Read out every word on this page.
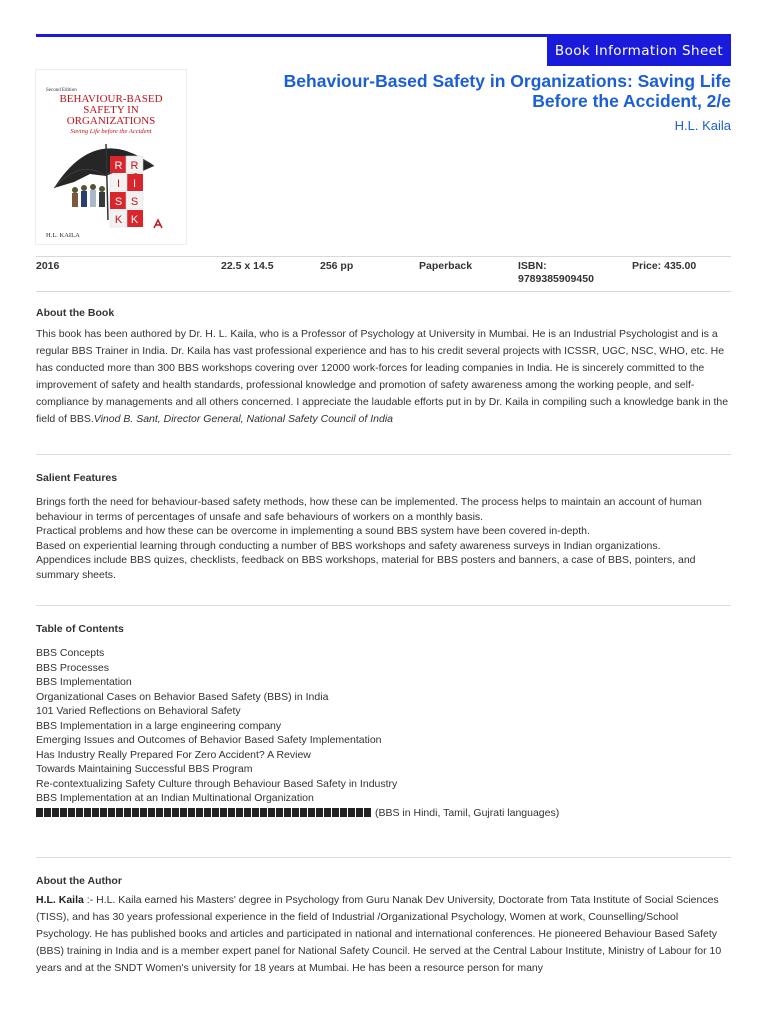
Book Information Sheet
Second Edition
BEHAVIOUR-BASED
SAFETY IN
ORGANIZATIONS
Saving Life before the Accident
R
I
S
K
R
I
S
K
H.L. KAILA
Behaviour-Based Safety in Organizations: Saving Life Before the Accident, 2/e
H.L. Kaila
2016	22.5 x 14.5	256 pp	Paperback	ISBN:
9789385909450
Price: 435.00
About the Book

This book has been authored by Dr. H. L. Kaila, who is a Professor of Psychology at University in Mumbai. He is an Industrial Psychologist and is a regular BBS Trainer in India. Dr. Kaila has vast professional experience and has to his credit several projects with ICSSR, UGC, NSC, WHO, etc. He has conducted more than 300 BBS workshops covering over 12000 work-forces for leading companies in India. He is sincerely committed to the improvement of safety and health standards, professional knowledge and promotion of safety awareness among the working people, and self-compliance by managements and all others concerned. I appreciate the laudable efforts put in by Dr. Kaila in compiling such a knowledge bank in the field of BBS.Vinod B. Sant, Director General, National Safety Council of India

Salient Features
Brings forth the need for behaviour-based safety methods, how these can be implemented. The process helps to maintain an account of human behaviour in terms of percentages of unsafe and safe behaviours of workers on a monthly basis.
Practical problems and how these can be overcome in implementing a sound BBS system have been covered in-depth.
Based on experiential learning through conducting a number of BBS workshops and safety awareness surveys in Indian organizations.
Appendices include BBS quizes, checklists, feedback on BBS workshops, material for BBS posters and banners, a case of BBS, pointers, and summary sheets.
Table of Contents
BBS Concepts
BBS Processes
BBS Implementation
Organizational Cases on Behavior Based Safety (BBS) in India
101 Varied Reflections on Behavioral Safety
BBS Implementation in a large engineering company
Emerging Issues and Outcomes of Behavior Based Safety Implementation
Has Industry Really Prepared For Zero Accident? A Review
Towards Maintaining Successful BBS Program
Re-contextualizing Safety Culture through Behaviour Based Safety in Industry
BBS Implementation at an Indian Multinational Organization
(BBS in Hindi, Tamil, Gujrati languages)
About the Author

H.L. Kaila :- H.L. Kaila earned his Masters' degree in Psychology from Guru Nanak Dev University, Doctorate from Tata Institute of Social Sciences (TISS), and has 30 years professional experience in the field of Industrial /Organizational Psychology, Women at work, Counselling/School Psychology. He has published books and articles and participated in national and international conferences. He pioneered Behaviour Based Safety (BBS) training in India and is a member expert panel for National Safety Council. He served at the Central Labour Institute, Ministry of Labour for 10 years and at the SNDT Women's university for 18 years at Mumbai. He has been a resource person for many
